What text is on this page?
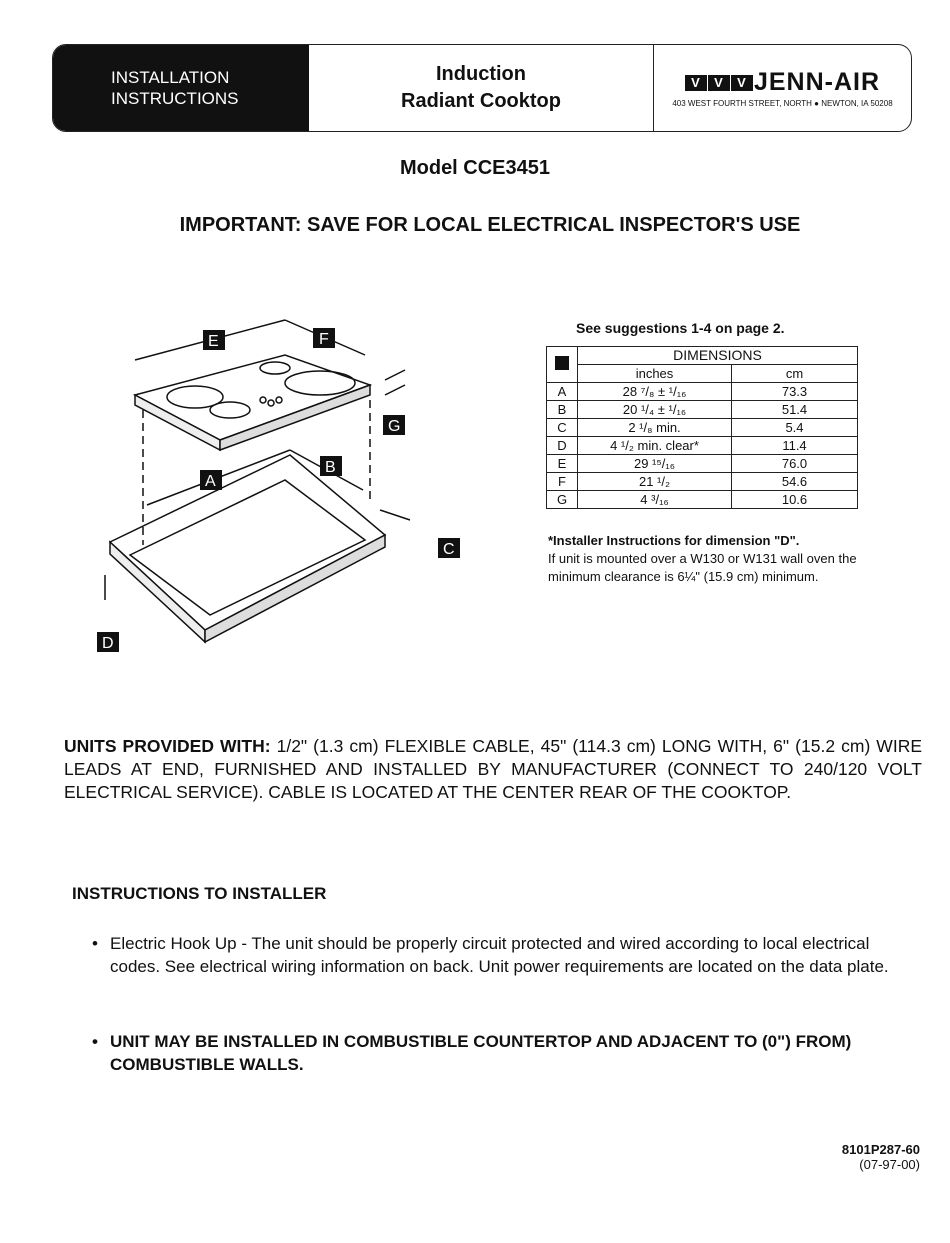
INSTALLATION
INSTRUCTIONS
Induction
Radiant Cooktop
V	V	V JENN-AIR
403 WEST FOURTH STREET, NORTH ● NEWTON, IA 50208
Model CCE3451
IMPORTANT: SAVE FOR LOCAL ELECTRICAL INSPECTOR'S USE
E	F
G
A
B
C
D
See suggestions 1-4 on page 2.
	DIMENSIONS	
	inches	cm
A	28 ⁷/₈ ± ¹/₁₆	73.3
B	20 ¹/₄ ± ¹/₁₆	51.4
C	2 ¹/₈ min.	5.4
D	4 ¹/₂ min. clear*	11.4
E	29 ¹⁵/₁₆	76.0
F	21 ¹/₂	54.6
G	4 ³/₁₆	10.6
*Installer Instructions for dimension "D".
If unit is mounted over a W130 or W131 wall oven the minimum clearance is 6¼" (15.9 cm) minimum.
UNITS PROVIDED WITH: 1/2" (1.3 cm) FLEXIBLE CABLE, 45" (114.3 cm) LONG WITH, 6" (15.2 cm) WIRE LEADS AT END, FURNISHED AND INSTALLED BY MANUFACTURER (CONNECT TO 240/120 VOLT ELECTRICAL SERVICE). CABLE IS LOCATED AT THE CENTER REAR OF THE COOKTOP.
INSTRUCTIONS TO INSTALLER
• Electric Hook Up - The unit should be properly circuit protected and wired according to local electrical codes. See electrical wiring information on back. Unit power requirements are located on the data plate.
• UNIT MAY BE INSTALLED IN COMBUSTIBLE COUNTERTOP AND ADJACENT TO (0") FROM) COMBUSTIBLE WALLS.
8101P287-60
(07-97-00)
